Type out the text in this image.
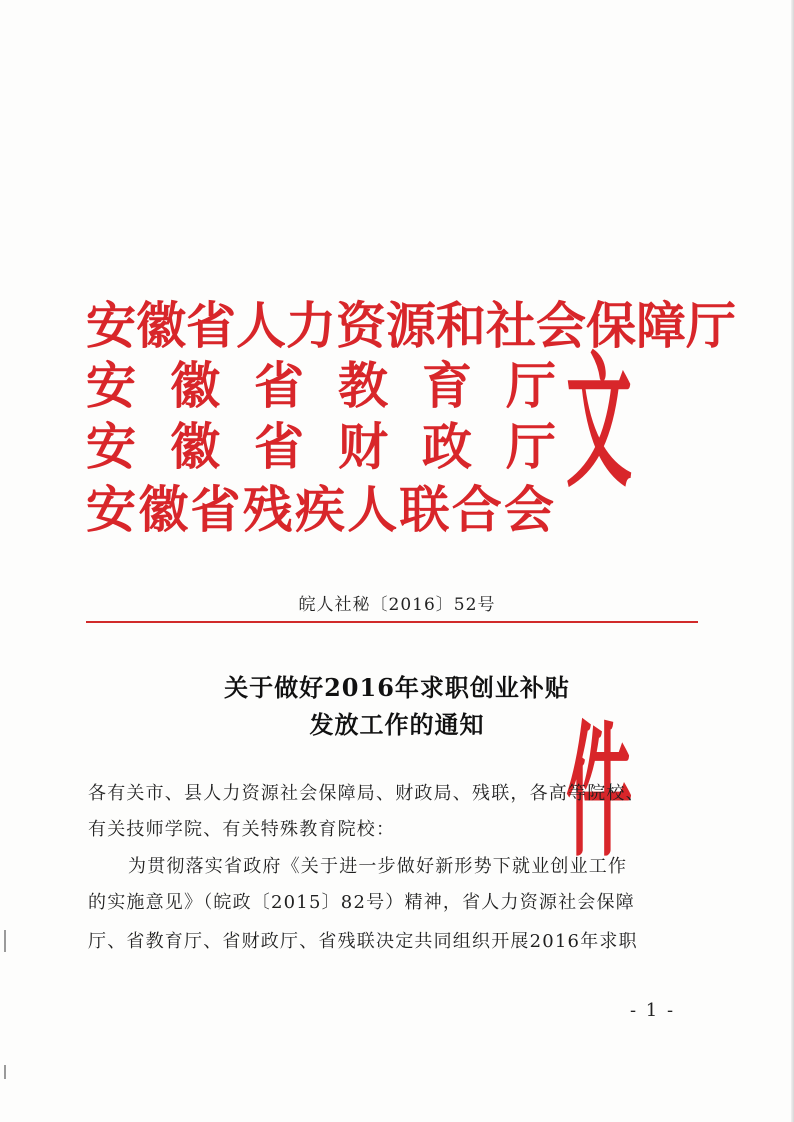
安 徽 省 人 力 资 源 和 社 会 保 障 厅
安 徽 省 教 育 厅
安 徽 省 财 政 厅
安 徽 省 残 疾 人 联 合 会
文件
皖人社秘〔2016〕52号
关于做好2016年求职创业补贴
发放工作的通知
各有关市、县人力资源社会保障局、财政局、残联，各高等院校、
有关技师学院、有关特殊教育院校：
为贯彻落实省政府《关于进一步做好新形势下就业创业工作
的实施意见》（皖政〔2015〕82号）精神，省人力资源社会保障
厅、省教育厅、省财政厅、省残联决定共同组织开展2016年求职
- 1 -
